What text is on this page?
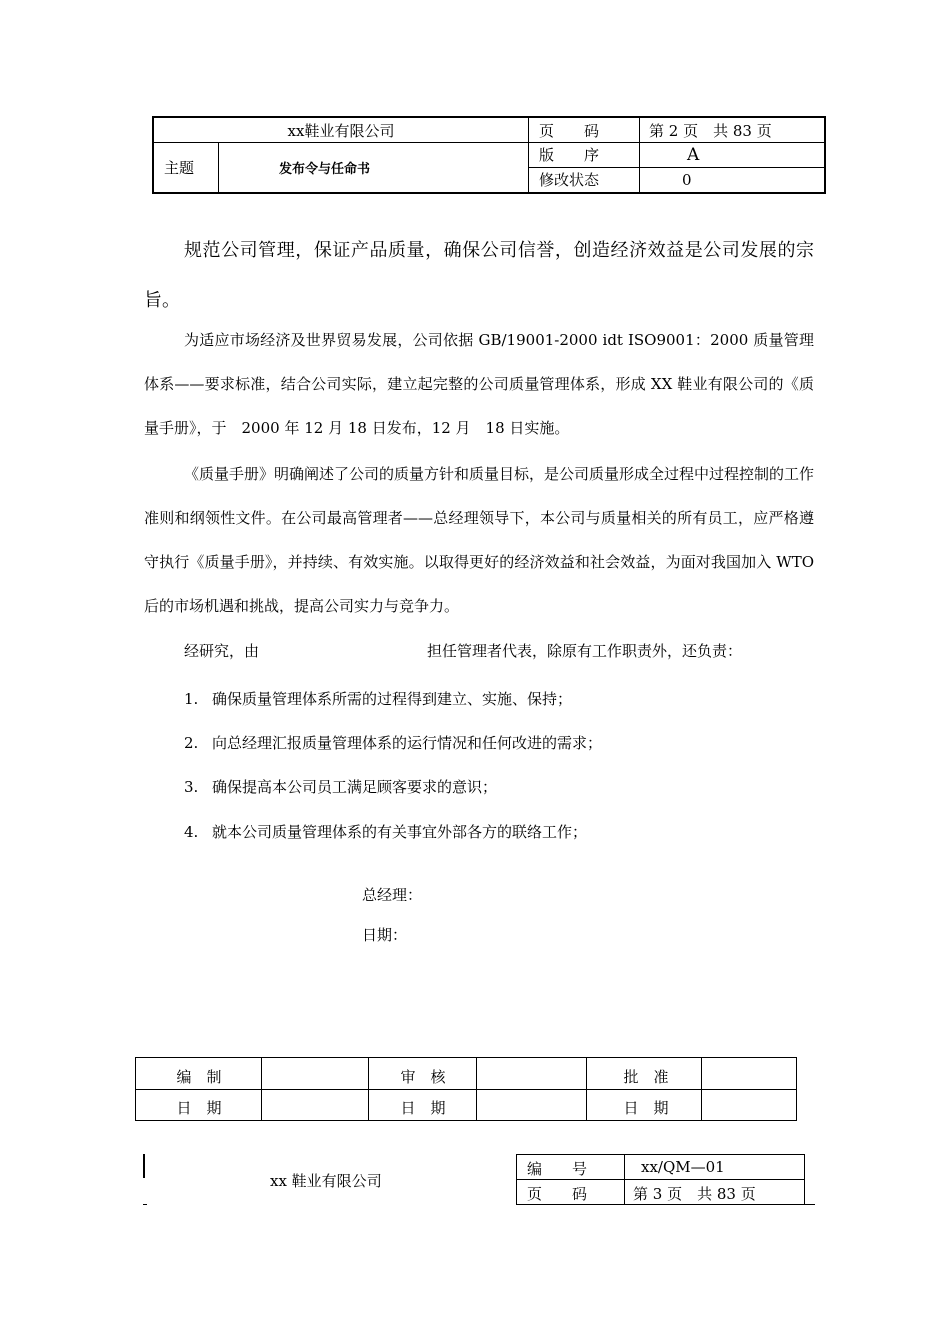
xx鞋业有限公司	页　　码	第 2 页　共 83 页
主题	发布令与任命书
版　　序	A
修改状态	0

规范公司管理，保证产品质量，确保公司信誉，创造经济效益是公司发展的宗旨。

为适应市场经济及世界贸易发展，公司依据 GB/19001-2000 idt ISO9001：2000 质量管理体系——要求标准，结合公司实际，建立起完整的公司质量管理体系，形成 XX 鞋业有限公司的《质量手册》，于　2000 年 12 月 18 日发布，12 月　18 日实施。

《质量手册》明确阐述了公司的质量方针和质量目标，是公司质量形成全过程中过程控制的工作准则和纲领性文件。在公司最高管理者——总经理领导下，本公司与质量相关的所有员工，应严格遵守执行《质量手册》，并持续、有效实施。以取得更好的经济效益和社会效益，为面对我国加入 WTO 后的市场机遇和挑战，提高公司实力与竞争力。

经研究，由	担任管理者代表，除原有工作职责外，还负责：
1. 确保质量管理体系所需的过程得到建立、实施、保持；
2. 向总经理汇报质量管理体系的运行情况和任何改进的需求；
3. 确保提高本公司员工满足顾客要求的意识；
4. 就本公司质量管理体系的有关事宜外部各方的联络工作；
总经理：
日期：
编　制	审　核	批　准
日　期	日　期	日　期
xx 鞋业有限公司
编　　号	xx/QM—01
页　　码	第 3 页　共 83 页
